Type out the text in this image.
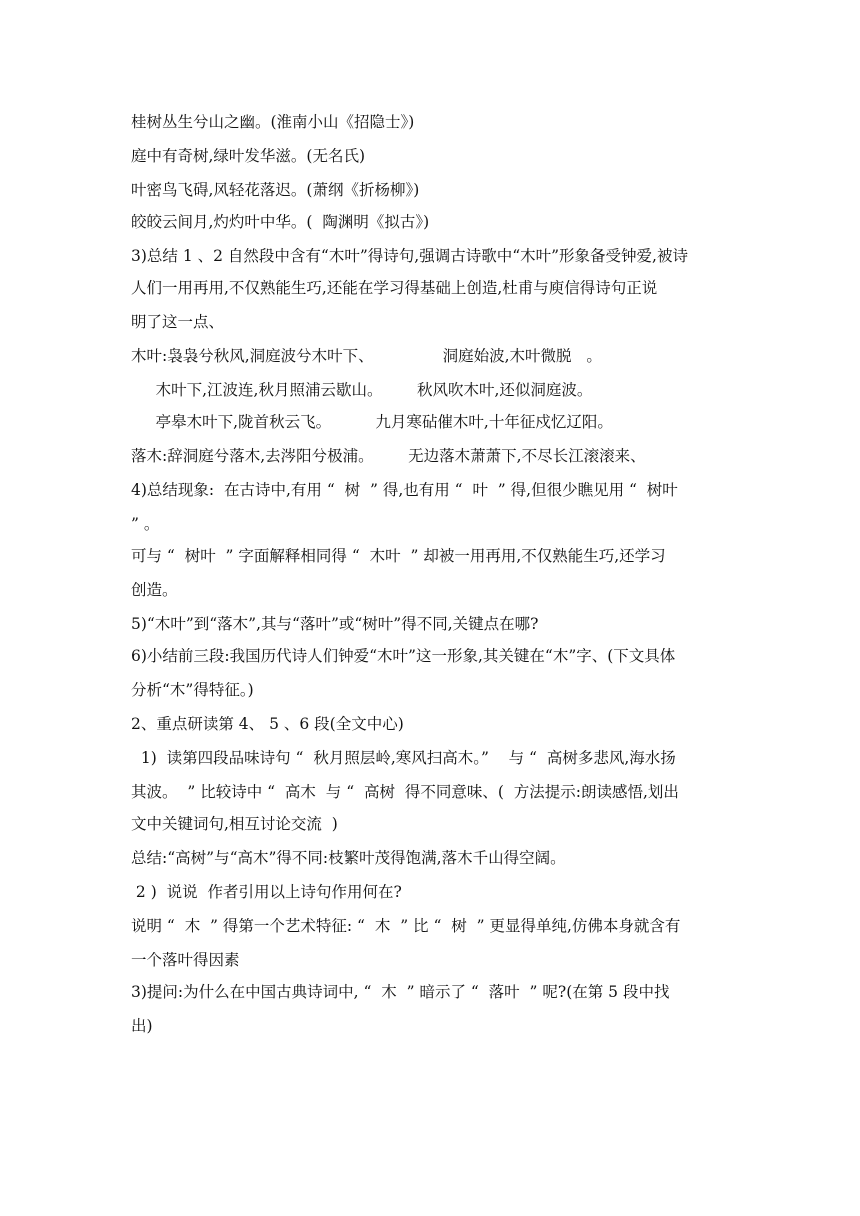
桂树丛生兮山之幽。(淮南小山《招隐士》)
庭中有奇树,绿叶发华滋。(无名氏)
叶密鸟飞碍,风轻花落迟。(萧纲《折杨柳》)
皎皎云间月,灼灼叶中华。(  陶渊明《拟古》)
3)总结 1 、2 自然段中含有“木叶”得诗句,强调古诗歌中“木叶”形象备受钟爱,被诗
人们一用再用,不仅熟能生巧,还能在学习得基础上创造,杜甫与庾信得诗句正说
明了这一点、
木叶:袅袅兮秋风,洞庭波兮木叶下、              洞庭始波,木叶微脱   。
木叶下,江波连,秋月照浦云歇山。       秋风吹木叶,还似洞庭波。
亭皋木叶下,陇首秋云飞。         九月寒砧催木叶,十年征戍忆辽阳。
落木:辞洞庭兮落木,去涔阳兮极浦。       无边落木萧萧下,不尽长江滚滚来、
4)总结现象:  在古诗中,有用 “  树  ” 得,也有用 “  叶  ” 得,但很少瞧见用 “  树叶
” 。
可与 “  树叶  ” 字面解释相同得 “  木叶  ” 却被一用再用,不仅熟能生巧,还学习
创造。
5)“木叶”到“落木”,其与“落叶”或“树叶”得不同,关键点在哪?
6)小结前三段:我国历代诗人们钟爱“木叶”这一形象,其关键在“木”字、(下文具体
分析“木”得特征。)
2、重点研读第 4、 5 、6 段(全文中心)
1)  读第四段品味诗句 “  秋月照层岭,寒风扫高木。”    与 “  高树多悲风,海水扬
其波。  ” 比较诗中 “  高木  与 “  高树  得不同意味、(  方法提示:朗读感悟,划出
文中关键词句,相互讨论交流  )
总结:“高树”与“高木”得不同:枝繁叶茂得饱满,落木千山得空阔。
2 )  说说  作者引用以上诗句作用何在?
说明 “  木  ” 得第一个艺术特征: “  木  ” 比 “  树  ” 更显得单纯,仿佛本身就含有
一个落叶得因素
3)提问:为什么在中国古典诗词中, “  木  ” 暗示了 “  落叶  ” 呢?(在第 5 段中找
出)
